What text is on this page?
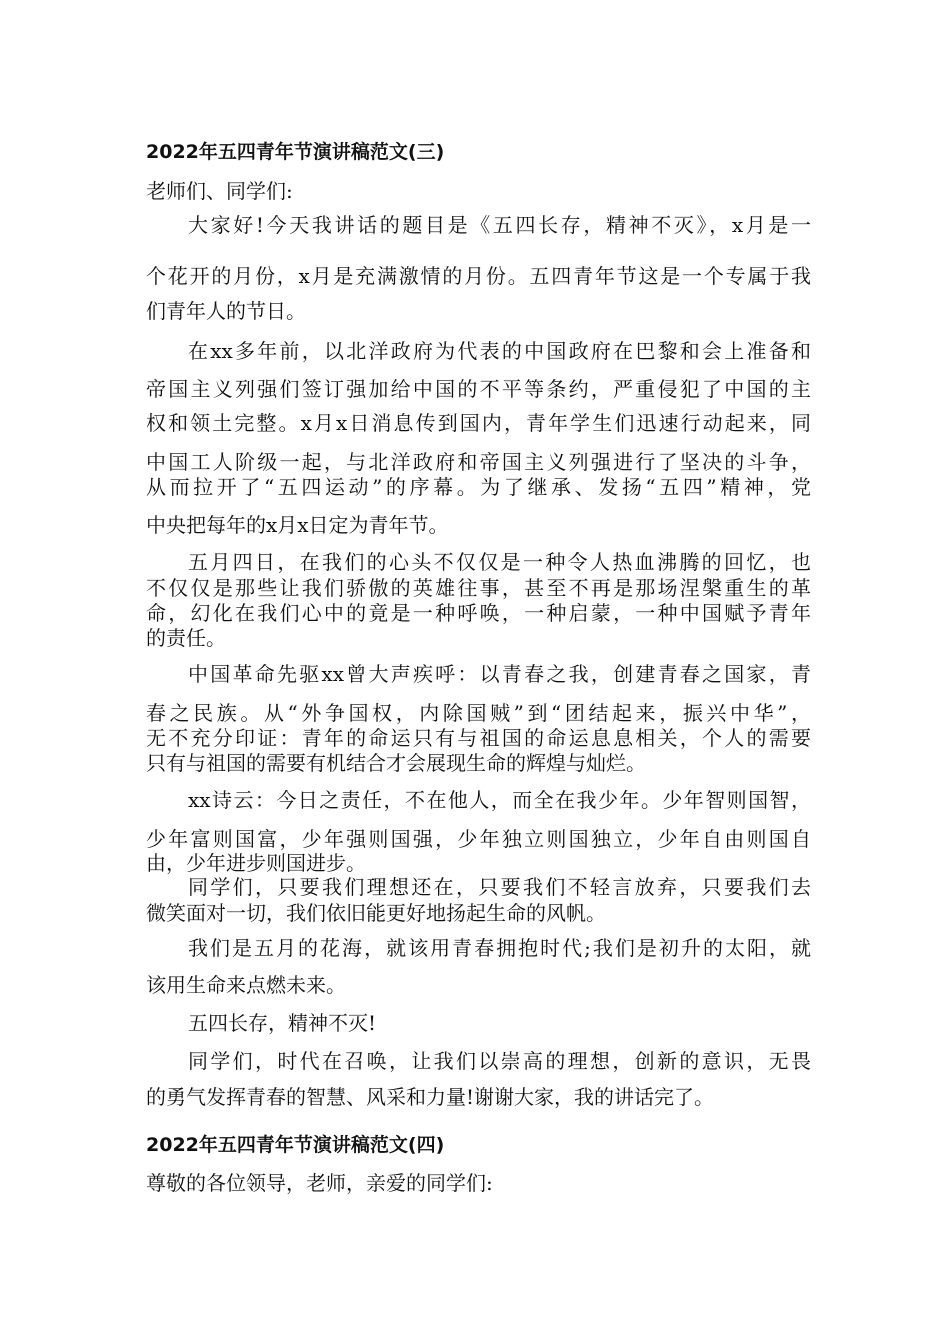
2022年五四青年节演讲稿范文(三)
老师们、同学们:
大家好!今天我讲话的题目是《五四长存，精神不灭》，x月是一
个花开的月份，x月是充满激情的月份。五四青年节这是一个专属于我
们青年人的节日。
在xx多年前，以北洋政府为代表的中国政府在巴黎和会上准备和
帝国主义列强们签订强加给中国的不平等条约，严重侵犯了中国的主
权和领土完整。x月x日消息传到国内，青年学生们迅速行动起来，同
中国工人阶级一起，与北洋政府和帝国主义列强进行了坚决的斗争，
从而拉开了“五四运动”的序幕。为了继承、发扬“五四”精神，党
中央把每年的x月x日定为青年节。
五月四日，在我们的心头不仅仅是一种令人热血沸腾的回忆，也
不仅仅是那些让我们骄傲的英雄往事，甚至不再是那场涅槃重生的革
命，幻化在我们心中的竟是一种呼唤，一种启蒙，一种中国赋予青年
的责任。
中国革命先驱xx曾大声疾呼：以青春之我，创建青春之国家，青
春之民族。从“外争国权，内除国贼”到“团结起来，振兴中华”，
无不充分印证：青年的命运只有与祖国的命运息息相关，个人的需要
只有与祖国的需要有机结合才会展现生命的辉煌与灿烂。
xx诗云：今日之责任，不在他人，而全在我少年。少年智则国智，
少年富则国富，少年强则国强，少年独立则国独立，少年自由则国自
由，少年进步则国进步。
同学们，只要我们理想还在，只要我们不轻言放弃，只要我们去
微笑面对一切，我们依旧能更好地扬起生命的风帆。
我们是五月的花海，就该用青春拥抱时代;我们是初升的太阳，就
该用生命来点燃未来。
五四长存，精神不灭!
同学们，时代在召唤，让我们以崇高的理想，创新的意识，无畏
的勇气发挥青春的智慧、风采和力量!谢谢大家，我的讲话完了。
2022年五四青年节演讲稿范文(四)
尊敬的各位领导，老师，亲爱的同学们:
